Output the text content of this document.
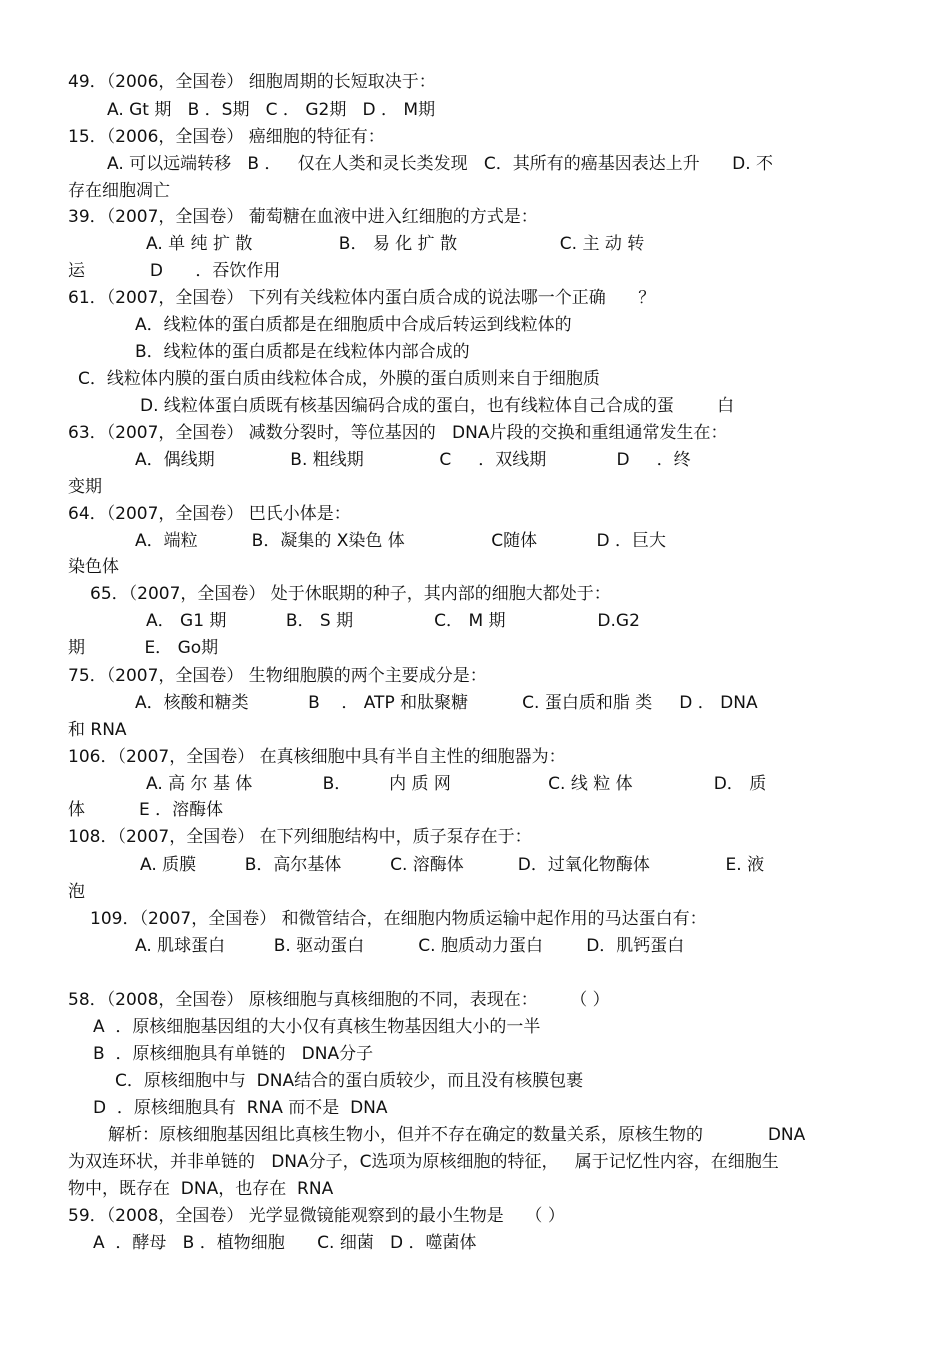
49．（2006，全国卷） 细胞周期的长短取决于：

A. Gt 期   B ．S期   C ． G2期   D ． M期

15．（2006，全国卷） 癌细胞的特征有：

A. 可以远端转移   B ．   仅在人类和灵长类发现   C．其所有的癌基因表达上升      D. 不

存在细胞凋亡

39．（2007，全国卷） 葡萄糖在血液中进入红细胞的方式是：

A. 单 纯 扩 散                B． 易 化 扩 散                   C. 主 动 转

运            D      ．吞饮作用

61．（2007，全国卷） 下列有关线粒体内蛋白质合成的说法哪一个正确      ？

A．线粒体的蛋白质都是在细胞质中合成后转运到线粒体的

B．线粒体的蛋白质都是在线粒体内部合成的

C．线粒体内膜的蛋白质由线粒体合成，外膜的蛋白质则来自于细胞质

D. 线粒体蛋白质既有核基因编码合成的蛋白，也有线粒体自己合成的蛋        白

63．（2007，全国卷） 减数分裂时，等位基因的   DNA片段的交换和重组通常发生在：

A．偶线期              B. 粗线期              C     ．双线期             D     ．终

变期

64．（2007，全国卷） 巴氏小体是：

A．端粒          B．凝集的 X染色 体                C随体           D ．巨大

染色体

65．（2007，全国卷） 处于休眠期的种子，其内部的细胞大都处于：

A． G1 期           B． S 期               C． M 期                 D.G2

期           E． Go期

75．（2007，全国卷） 生物细胞膜的两个主要成分是：

A．核酸和糖类           B    ． ATP 和肽聚糖          C. 蛋白质和脂 类     D ． DNA

和 RNA

106．（2007，全国卷） 在真核细胞中具有半自主性的细胞器为：

A. 高 尔 基 体             B．       内 质 网                  C. 线 粒 体               D． 质

体          E ．溶酶体

108．（2007，全国卷） 在下列细胞结构中，质子泵存在于：

A. 质膜         B．高尔基体         C. 溶酶体          D．过氧化物酶体              E. 液

泡

109．（2007，全国卷） 和微管结合，在细胞内物质运输中起作用的马达蛋白有：

A. 肌球蛋白         B. 驱动蛋白          C. 胞质动力蛋白        D．肌钙蛋白

58．（2008，全国卷） 原核细胞与真核细胞的不同，表现在：      （ ）

A  ．原核细胞基因组的大小仅有真核生物基因组大小的一半

B  ．原核细胞具有单链的   DNA分子

C．原核细胞中与  DNA结合的蛋白质较少，而且没有核膜包裹

D  ．原核细胞具有  RNA 而不是  DNA

解析：原核细胞基因组比真核生物小，但并不存在确定的数量关系，原核生物的            DNA

为双连环状，并非单链的   DNA分子，C选项为原核细胞的特征，   属于记忆性内容，在细胞生

物中，既存在  DNA，也存在  RNA

59．（2008，全国卷） 光学显微镜能观察到的最小生物是    （ ）

A  ．酵母   B ．植物细胞      C. 细菌   D ．噬菌体
